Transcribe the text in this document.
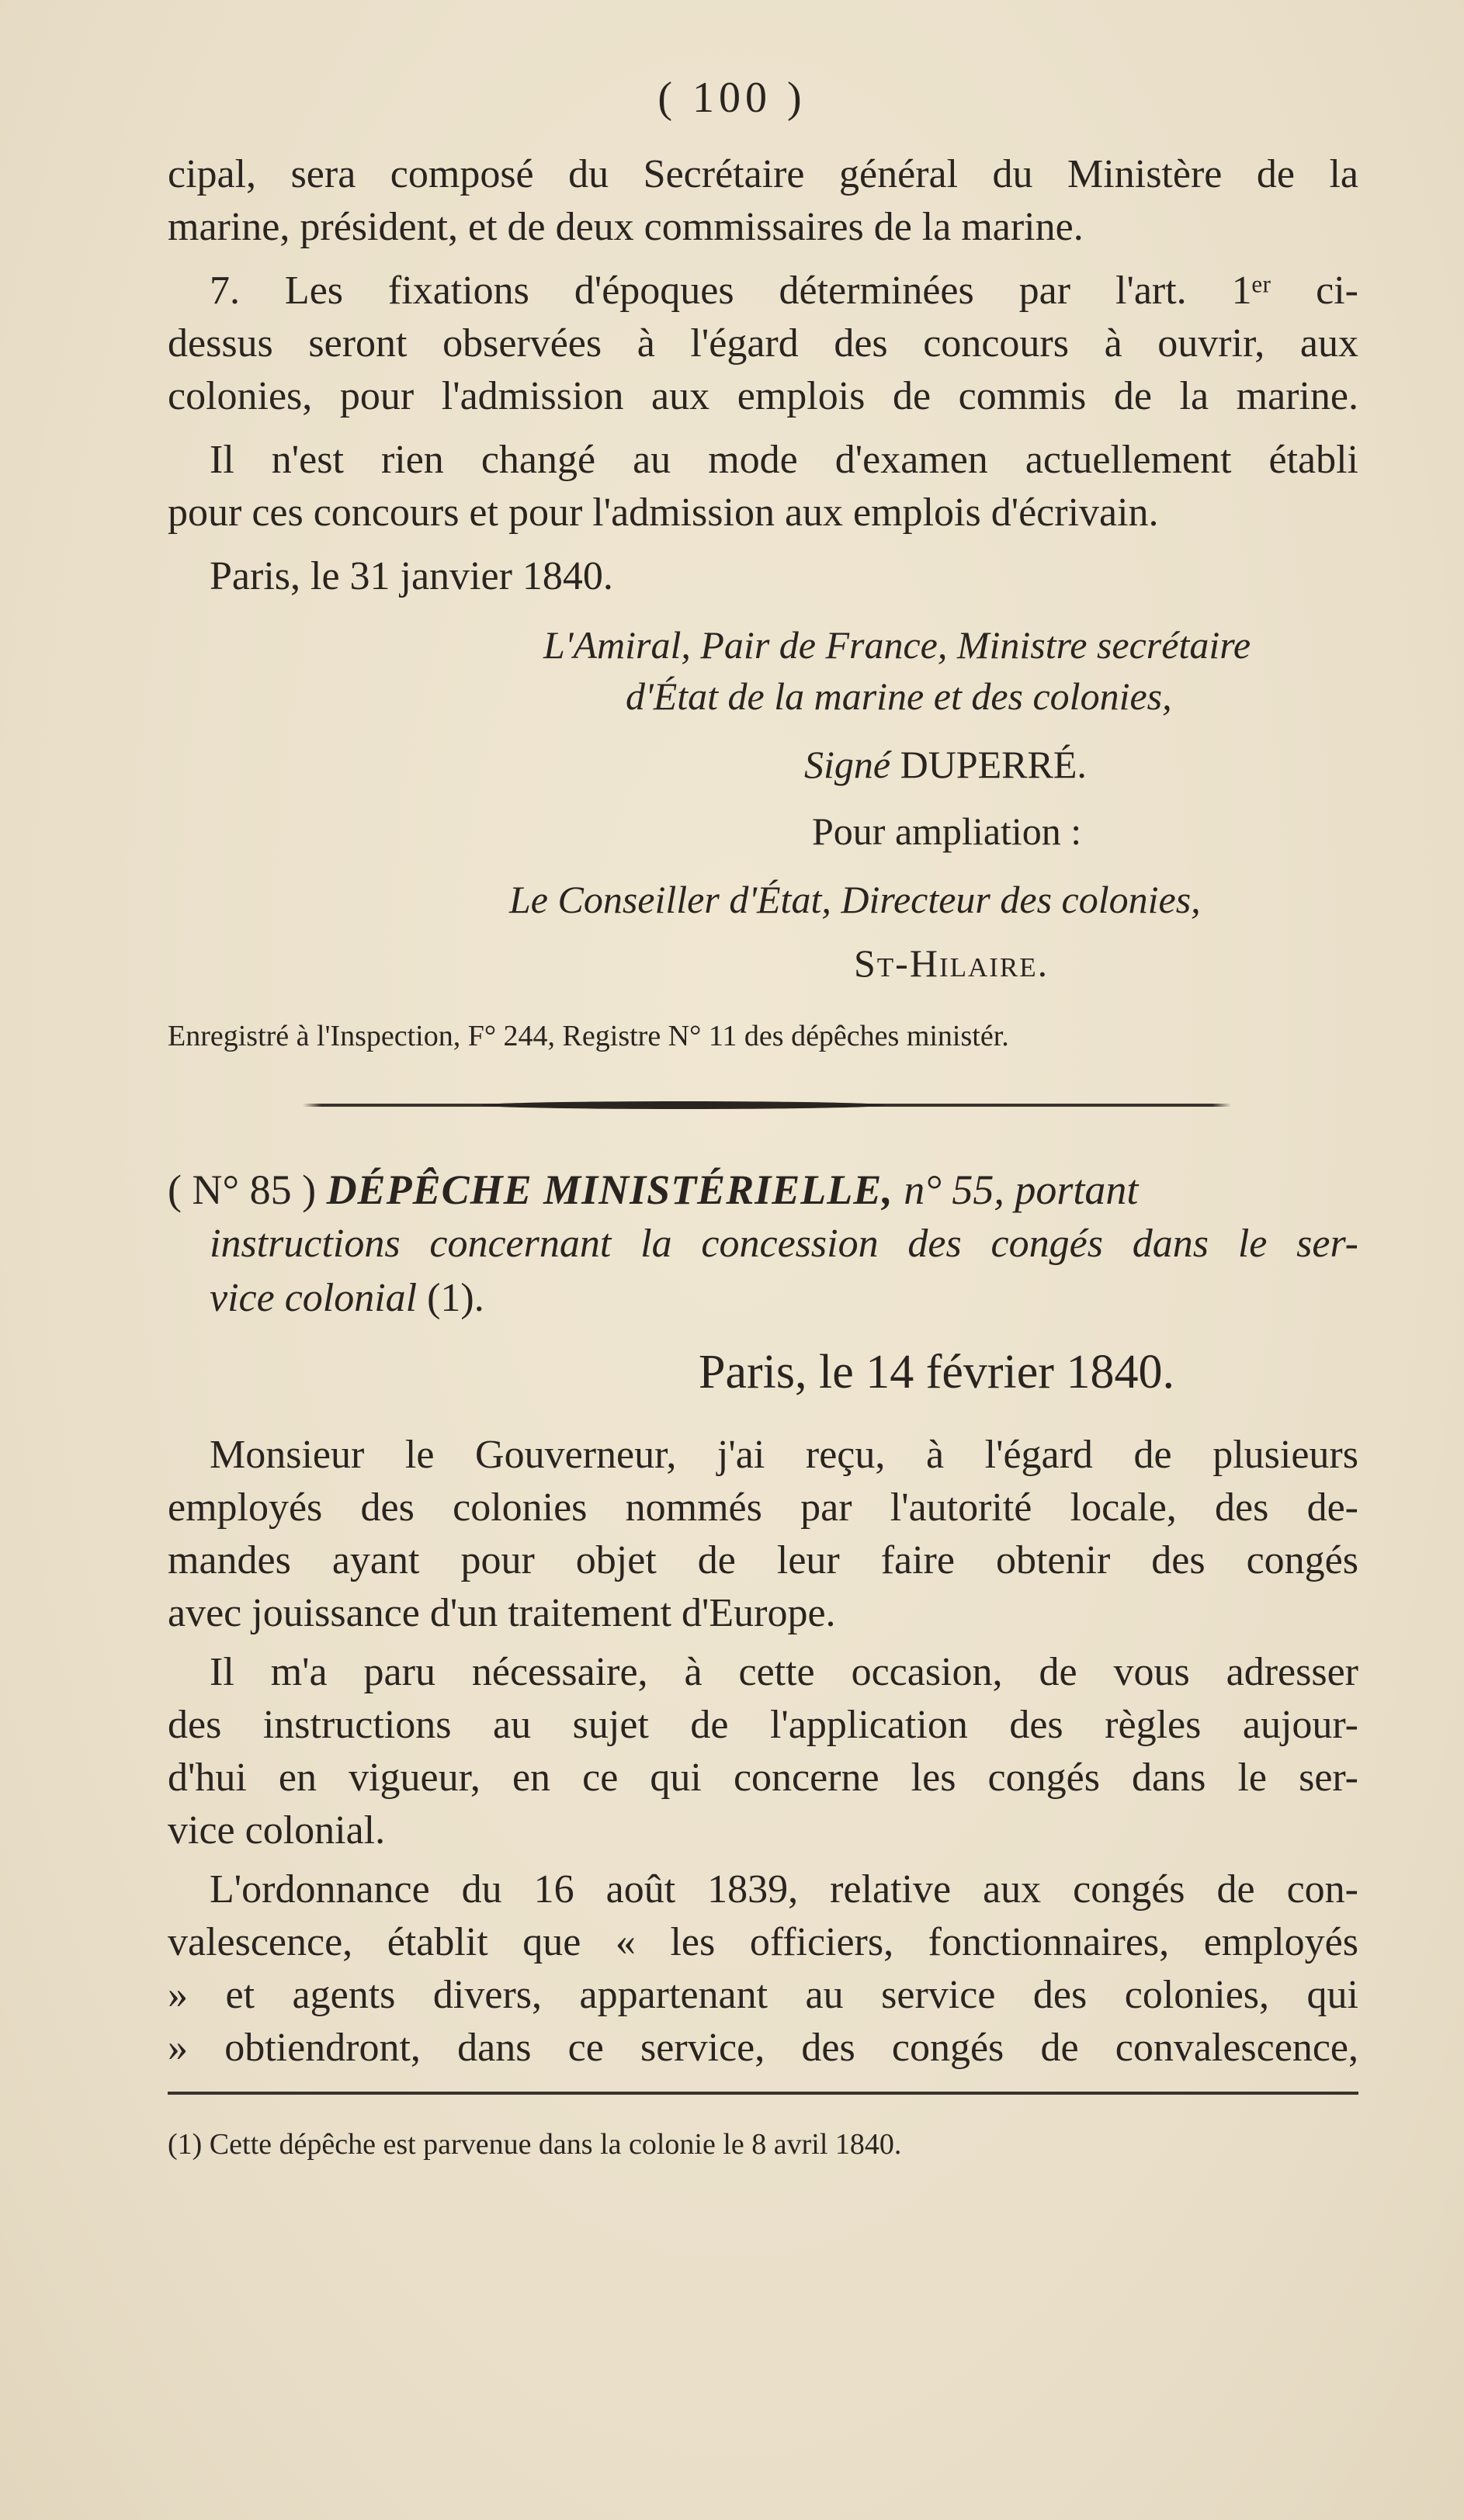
( 100 )
cipal, sera composé du Secrétaire général du Ministère de la
marine, président, et de deux commissaires de la marine.
7. Les fixations d'époques déterminées par l'art. 1ᵉʳ ci-
dessus seront observées à l'égard des concours à ouvrir, aux
colonies, pour l'admission aux emplois de commis de la marine.
Il n'est rien changé au mode d'examen actuellement établi
pour ces concours et pour l'admission aux emplois d'écrivain.
Paris, le 31 janvier 1840.
L'Amiral, Pair de France, Ministre secrétaire
d'État de la marine et des colonies,
Signé DUPERRÉ.
Pour ampliation :
Le Conseiller d'État, Directeur des colonies,
St-Hilaire.
Enregistré à l'Inspection, F° 244, Registre N° 11 des dépêches ministér.
( N° 85 ) DÉPÊCHE MINISTÉRIELLE, n° 55, portant
instructions concernant la concession des congés dans le ser-
vice colonial (1).
Paris, le 14 février 1840.
Monsieur le Gouverneur, j'ai reçu, à l'égard de plusieurs
employés des colonies nommés par l'autorité locale, des de-
mandes ayant pour objet de leur faire obtenir des congés
avec jouissance d'un traitement d'Europe.
Il m'a paru nécessaire, à cette occasion, de vous adresser
des instructions au sujet de l'application des règles aujour-
d'hui en vigueur, en ce qui concerne les congés dans le ser-
vice colonial.
L'ordonnance du 16 août 1839, relative aux congés de con-
valescence, établit que « les officiers, fonctionnaires, employés
» et agents divers, appartenant au service des colonies, qui
» obtiendront, dans ce service, des congés de convalescence,
(1) Cette dépêche est parvenue dans la colonie le 8 avril 1840.
